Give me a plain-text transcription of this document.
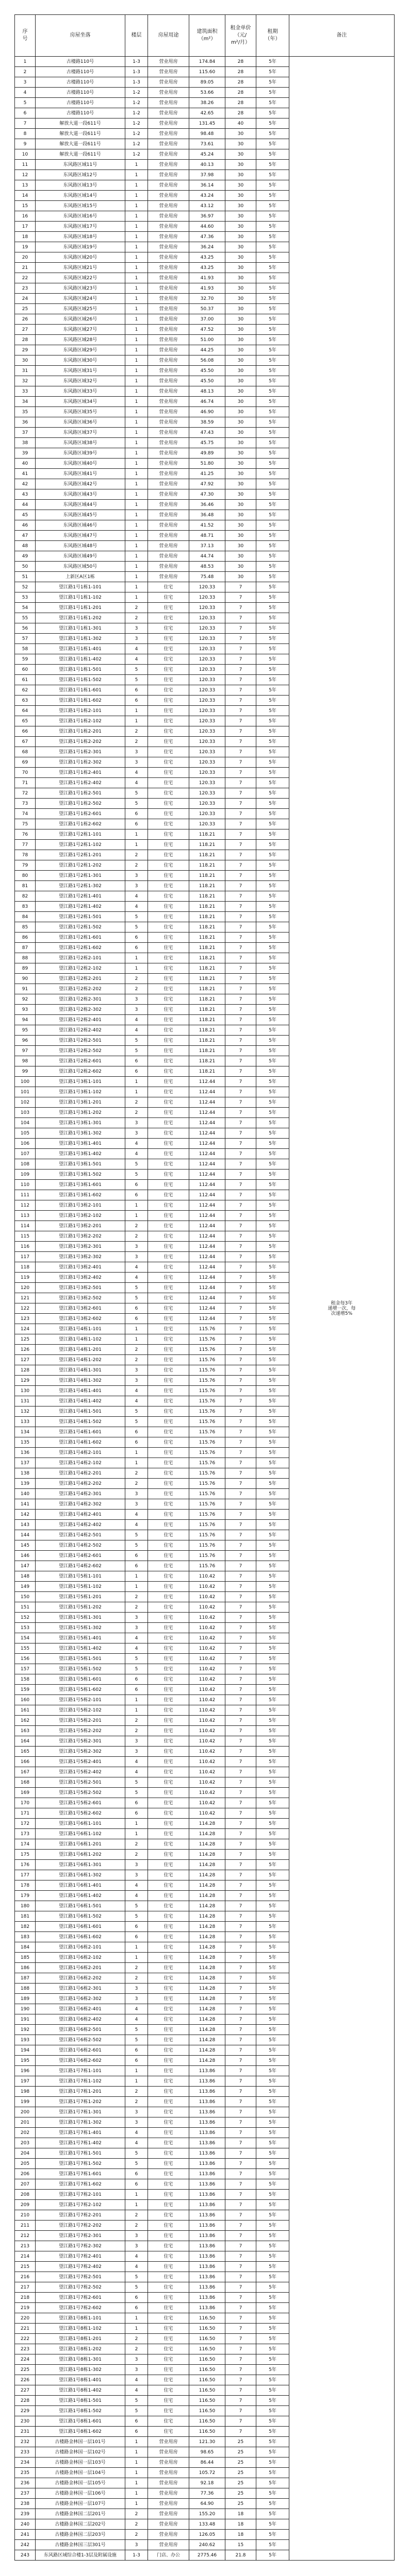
序
号	房屋坐落	楼层	房屋用途	建筑面积
（m²）	租金单价
（元/
m²/月）	租期
（年）	备注
1	古楼路110号	1-3	营业用房	174.84	28	5年	租金每3年
递增一次，每
次递增5%
2	古楼路110号	1-3	营业用房	115.60	28	5年	
3	古楼路110号	1-3	营业用房	89.05	28	5年	
4	古楼路110号	1-2	营业用房	53.66	28	5年	
5	古楼路110号	1-2	营业用房	38.26	28	5年	
6	古楼路110号	1-2	营业用房	42.65	28	5年	
7	解放大道一段611号	1-2	营业用房	131.45	40	5年	
8	解放大道一段611号	1-2	营业用房	98.48	30	5年	
9	解放大道一段611号	1-2	营业用房	73.61	30	5年	
10	解放大道一段611号	1-2	营业用房	45.24	30	5年	
11	东风路区域11号	1	营业用房	40.13	30	5年	
12	东风路区域12号	1	营业用房	37.98	30	5年	
13	东风路区域13号	1	营业用房	36.14	30	5年	
14	东风路区域14号	1	营业用房	43.24	30	5年	
15	东风路区域15号	1	营业用房	43.12	30	5年	
16	东风路区域16号	1	营业用房	36.97	30	5年	
17	东风路区域17号	1	营业用房	44.60	30	5年	
18	东风路区域18号	1	营业用房	47.36	30	5年	
19	东风路区域19号	1	营业用房	36.24	30	5年	
20	东风路区域20号	1	营业用房	43.25	30	5年	
21	东风路区域21号	1	营业用房	43.25	30	5年	
22	东风路区域22号	1	营业用房	41.93	30	5年	
23	东风路区域23号	1	营业用房	41.93	30	5年	
24	东风路区域24号	1	营业用房	32.70	30	5年	
25	东风路区域25号	1	营业用房	50.37	30	5年	
26	东风路区域26号	1	营业用房	37.00	30	5年	
27	东风路区域27号	1	营业用房	47.52	30	5年	
28	东风路区域28号	1	营业用房	51.00	30	5年	
29	东风路区域29号	1	营业用房	44.25	30	5年	
30	东风路区域30号	1	营业用房	56.08	30	5年	
31	东风路区域31号	1	营业用房	45.50	30	5年	
32	东风路区域32号	1	营业用房	45.50	30	5年	
33	东风路区域33号	1	营业用房	48.13	30	5年	
34	东风路区域34号	1	营业用房	46.74	30	5年	
35	东风路区域35号	1	营业用房	46.90	30	5年	
36	东风路区域36号	1	营业用房	38.59	30	5年	
37	东风路区域37号	1	营业用房	47.43	30	5年	
38	东风路区域38号	1	营业用房	45.75	30	5年	
39	东风路区域39号	1	营业用房	49.89	30	5年	
40	东风路区域40号	1	营业用房	51.80	30	5年	
41	东风路区域41号	1	营业用房	41.25	30	5年	
42	东风路区域42号	1	营业用房	47.92	30	5年	
43	东风路区域43号	1	营业用房	47.30	30	5年	
44	东风路区域44号	1	营业用房	36.46	30	5年	
45	东风路区域45号	1	营业用房	36.48	30	5年	
46	东风路区域46号	1	营业用房	41.52	30	5年	
47	东风路区域47号	1	营业用房	48.71	30	5年	
48	东风路区域48号	1	营业用房	37.13	30	5年	
49	东风路区域49号	1	营业用房	44.74	30	5年	
50	东风路区域50号	1	营业用房	48.53	30	5年	
51	上新区A区1栋	1	营业用房	75.48	30	5年	
52	望江路1号1栋1-101	1	住宅	120.33	7	5年	
53	望江路1号1栋1-102	1	住宅	120.33	7	5年	
54	望江路1号1栋1-201	2	住宅	120.33	7	5年	
55	望江路1号1栋1-202	2	住宅	120.33	7	5年	
56	望江路1号1栋1-301	3	住宅	120.33	7	5年	
57	望江路1号1栋1-302	3	住宅	120.33	7	5年	
58	望江路1号1栋1-401	4	住宅	120.33	7	5年	
59	望江路1号1栋1-402	4	住宅	120.33	7	5年	
60	望江路1号1栋1-501	5	住宅	120.33	7	5年	
61	望江路1号1栋1-502	5	住宅	120.33	7	5年	
62	望江路1号1栋1-601	6	住宅	120.33	7	5年	
63	望江路1号1栋1-602	6	住宅	120.33	7	5年	
64	望江路1号1栋2-101	1	住宅	120.33	7	5年	
65	望江路1号1栋2-102	1	住宅	120.33	7	5年	
66	望江路1号1栋2-201	2	住宅	120.33	7	5年	
67	望江路1号1栋2-202	2	住宅	120.33	7	5年	
68	望江路1号1栋2-301	3	住宅	120.33	7	5年	
69	望江路1号1栋2-302	3	住宅	120.33	7	5年	
70	望江路1号1栋2-401	4	住宅	120.33	7	5年	
71	望江路1号1栋2-402	4	住宅	120.33	7	5年	
72	望江路1号1栋2-501	5	住宅	120.33	7	5年	
73	望江路1号1栋2-502	5	住宅	120.33	7	5年	
74	望江路1号1栋2-601	6	住宅	120.33	7	5年	
75	望江路1号1栋2-602	6	住宅	120.33	7	5年	
76	望江路1号2栋1-101	1	住宅	118.21	7	5年	
77	望江路1号2栋1-102	1	住宅	118.21	7	5年	
78	望江路1号2栋1-201	2	住宅	118.21	7	5年	
79	望江路1号2栋1-202	2	住宅	118.21	7	5年	
80	望江路1号2栋1-301	3	住宅	118.21	7	5年	
81	望江路1号2栋1-302	3	住宅	118.21	7	5年	
82	望江路1号2栋1-401	4	住宅	118.21	7	5年	
83	望江路1号2栋1-402	4	住宅	118.21	7	5年	
84	望江路1号2栋1-501	5	住宅	118.21	7	5年	
85	望江路1号2栋1-502	5	住宅	118.21	7	5年	
86	望江路1号2栋1-601	6	住宅	118.21	7	5年	
87	望江路1号2栋1-602	6	住宅	118.21	7	5年	
88	望江路1号2栋2-101	1	住宅	118.21	7	5年	
89	望江路1号2栋2-102	1	住宅	118.21	7	5年	
90	望江路1号2栋2-201	2	住宅	118.21	7	5年	
91	望江路1号2栋2-202	2	住宅	118.21	7	5年	
92	望江路1号2栋2-301	3	住宅	118.21	7	5年	
93	望江路1号2栋2-302	3	住宅	118.21	7	5年	
94	望江路1号2栋2-401	4	住宅	118.21	7	5年	
95	望江路1号2栋2-402	4	住宅	118.21	7	5年	
96	望江路1号2栋2-501	5	住宅	118.21	7	5年	
97	望江路1号2栋2-502	5	住宅	118.21	7	5年	
98	望江路1号2栋2-601	6	住宅	118.21	7	5年	
99	望江路1号2栋2-602	6	住宅	118.21	7	5年	
100	望江路1号3栋1-101	1	住宅	112.44	7	5年	
101	望江路1号3栋1-102	1	住宅	112.44	7	5年	
102	望江路1号3栋1-201	2	住宅	112.44	7	5年	
103	望江路1号3栋1-202	2	住宅	112.44	7	5年	
104	望江路1号3栋1-301	3	住宅	112.44	7	5年	
105	望江路1号3栋1-302	3	住宅	112.44	7	5年	
106	望江路1号3栋1-401	4	住宅	112.44	7	5年	
107	望江路1号3栋1-402	4	住宅	112.44	7	5年	
108	望江路1号3栋1-501	5	住宅	112.44	7	5年	
109	望江路1号3栋1-502	5	住宅	112.44	7	5年	
110	望江路1号3栋1-601	6	住宅	112.44	7	5年	
111	望江路1号3栋1-602	6	住宅	112.44	7	5年	
112	望江路1号3栋2-101	1	住宅	112.44	7	5年	
113	望江路1号3栋2-102	1	住宅	112.44	7	5年	
114	望江路1号3栋2-201	2	住宅	112.44	7	5年	
115	望江路1号3栋2-202	2	住宅	112.44	7	5年	
116	望江路1号3栋2-301	3	住宅	112.44	7	5年	
117	望江路1号3栋2-302	3	住宅	112.44	7	5年	
118	望江路1号3栋2-401	4	住宅	112.44	7	5年	
119	望江路1号3栋2-402	4	住宅	112.44	7	5年	
120	望江路1号3栋2-501	5	住宅	112.44	7	5年	
121	望江路1号3栋2-502	5	住宅	112.44	7	5年	
122	望江路1号3栋2-601	6	住宅	112.44	7	5年	
123	望江路1号3栋2-602	6	住宅	112.44	7	5年	
124	望江路1号4栋1-101	1	住宅	115.76	7	5年	
125	望江路1号4栋1-102	1	住宅	115.76	7	5年	
126	望江路1号4栋1-201	2	住宅	115.76	7	5年	
127	望江路1号4栋1-202	2	住宅	115.76	7	5年	
128	望江路1号4栋1-301	3	住宅	115.76	7	5年	
129	望江路1号4栋1-302	3	住宅	115.76	7	5年	
130	望江路1号4栋1-401	4	住宅	115.76	7	5年	
131	望江路1号4栋1-402	4	住宅	115.76	7	5年	
132	望江路1号4栋1-501	5	住宅	115.76	7	5年	
133	望江路1号4栋1-502	5	住宅	115.76	7	5年	
134	望江路1号4栋1-601	6	住宅	115.76	7	5年	
135	望江路1号4栋1-602	6	住宅	115.76	7	5年	
136	望江路1号4栋2-101	1	住宅	115.76	7	5年	
137	望江路1号4栋2-102	1	住宅	115.76	7	5年	
138	望江路1号4栋2-201	2	住宅	115.76	7	5年	
139	望江路1号4栋2-202	2	住宅	115.76	7	5年	
140	望江路1号4栋2-301	3	住宅	115.76	7	5年	
141	望江路1号4栋2-302	3	住宅	115.76	7	5年	
142	望江路1号4栋2-401	4	住宅	115.76	7	5年	
143	望江路1号4栋2-402	4	住宅	115.76	7	5年	
144	望江路1号4栋2-501	5	住宅	115.76	7	5年	
145	望江路1号4栋2-502	5	住宅	115.76	7	5年	
146	望江路1号4栋2-601	6	住宅	115.76	7	5年	
147	望江路1号4栋2-602	6	住宅	115.76	7	5年	
148	望江路1号5栋1-101	1	住宅	110.42	7	5年	
149	望江路1号5栋1-102	1	住宅	110.42	7	5年	
150	望江路1号5栋1-201	2	住宅	110.42	7	5年	
151	望江路1号5栋1-202	2	住宅	110.42	7	5年	
152	望江路1号5栋1-301	3	住宅	110.42	7	5年	
153	望江路1号5栋1-302	3	住宅	110.42	7	5年	
154	望江路1号5栋1-401	4	住宅	110.42	7	5年	
155	望江路1号5栋1-402	4	住宅	110.42	7	5年	
156	望江路1号5栋1-501	5	住宅	110.42	7	5年	
157	望江路1号5栋1-502	5	住宅	110.42	7	5年	
158	望江路1号5栋1-601	6	住宅	110.42	7	5年	
159	望江路1号5栋1-602	6	住宅	110.42	7	5年	
160	望江路1号5栋2-101	1	住宅	110.42	7	5年	
161	望江路1号5栋2-102	1	住宅	110.42	7	5年	
162	望江路1号5栋2-201	2	住宅	110.42	7	5年	
163	望江路1号5栋2-202	2	住宅	110.42	7	5年	
164	望江路1号5栋2-301	3	住宅	110.42	7	5年	
165	望江路1号5栋2-302	3	住宅	110.42	7	5年	
166	望江路1号5栋2-401	4	住宅	110.42	7	5年	
167	望江路1号5栋2-402	4	住宅	110.42	7	5年	
168	望江路1号5栋2-501	5	住宅	110.42	7	5年	
169	望江路1号5栋2-502	5	住宅	110.42	7	5年	
170	望江路1号5栋2-601	6	住宅	110.42	7	5年	
171	望江路1号5栋2-602	6	住宅	110.42	7	5年	
172	望江路1号6栋1-101	1	住宅	114.28	7	5年	
173	望江路1号6栋1-102	1	住宅	114.28	7	5年	
174	望江路1号6栋1-201	2	住宅	114.28	7	5年	
175	望江路1号6栋1-202	2	住宅	114.28	7	5年	
176	望江路1号6栋1-301	3	住宅	114.28	7	5年	
177	望江路1号6栋1-302	3	住宅	114.28	7	5年	
178	望江路1号6栋1-401	4	住宅	114.28	7	5年	
179	望江路1号6栋1-402	4	住宅	114.28	7	5年	
180	望江路1号6栋1-501	5	住宅	114.28	7	5年	
181	望江路1号6栋1-502	5	住宅	114.28	7	5年	
182	望江路1号6栋1-601	6	住宅	114.28	7	5年	
183	望江路1号6栋1-602	6	住宅	114.28	7	5年	
184	望江路1号6栋2-101	1	住宅	114.28	7	5年	
185	望江路1号6栋2-102	1	住宅	114.28	7	5年	
186	望江路1号6栋2-201	2	住宅	114.28	7	5年	
187	望江路1号6栋2-202	2	住宅	114.28	7	5年	
188	望江路1号6栋2-301	3	住宅	114.28	7	5年	
189	望江路1号6栋2-302	3	住宅	114.28	7	5年	
190	望江路1号6栋2-401	4	住宅	114.28	7	5年	
191	望江路1号6栋2-402	4	住宅	114.28	7	5年	
192	望江路1号6栋2-501	5	住宅	114.28	7	5年	
193	望江路1号6栋2-502	5	住宅	114.28	7	5年	
194	望江路1号6栋2-601	6	住宅	114.28	7	5年	
195	望江路1号6栋2-602	6	住宅	114.28	7	5年	
196	望江路1号7栋1-101	1	住宅	113.86	7	5年	
197	望江路1号7栋1-102	1	住宅	113.86	7	5年	
198	望江路1号7栋1-201	2	住宅	113.86	7	5年	
199	望江路1号7栋1-202	2	住宅	113.86	7	5年	
200	望江路1号7栋1-301	3	住宅	113.86	7	5年	
201	望江路1号7栋1-302	3	住宅	113.86	7	5年	
202	望江路1号7栋1-401	4	住宅	113.86	7	5年	
203	望江路1号7栋1-402	4	住宅	113.86	7	5年	
204	望江路1号7栋1-501	5	住宅	113.86	7	5年	
205	望江路1号7栋1-502	5	住宅	113.86	7	5年	
206	望江路1号7栋1-601	6	住宅	113.86	7	5年	
207	望江路1号7栋1-602	6	住宅	113.86	7	5年	
208	望江路1号7栋2-101	1	住宅	113.86	7	5年	
209	望江路1号7栋2-102	1	住宅	113.86	7	5年	
210	望江路1号7栋2-201	2	住宅	113.86	7	5年	
211	望江路1号7栋2-202	2	住宅	113.86	7	5年	
212	望江路1号7栋2-301	3	住宅	113.86	7	5年	
213	望江路1号7栋2-302	3	住宅	113.86	7	5年	
214	望江路1号7栋2-401	4	住宅	113.86	7	5年	
215	望江路1号7栋2-402	4	住宅	113.86	7	5年	
216	望江路1号7栋2-501	5	住宅	113.86	7	5年	
217	望江路1号7栋2-502	5	住宅	113.86	7	5年	
218	望江路1号7栋2-601	6	住宅	113.86	7	5年	
219	望江路1号7栋2-602	6	住宅	113.86	7	5年	
220	望江路1号8栋1-101	1	住宅	116.50	7	5年	
221	望江路1号8栋1-102	1	住宅	116.50	7	5年	
222	望江路1号8栋1-201	2	住宅	116.50	7	5年	
223	望江路1号8栋1-202	2	住宅	116.50	7	5年	
224	望江路1号8栋1-301	3	住宅	116.50	7	5年	
225	望江路1号8栋1-302	3	住宅	116.50	7	5年	
226	望江路1号8栋1-401	4	住宅	116.50	7	5年	
227	望江路1号8栋1-402	4	住宅	116.50	7	5年	
228	望江路1号8栋1-501	5	住宅	116.50	7	5年	
229	望江路1号8栋1-502	5	住宅	116.50	7	5年	
230	望江路1号8栋1-601	6	住宅	116.50	7	5年	
231	望江路1号8栋1-602	6	住宅	116.50	7	5年	
232	古楼路金林国一层101号	1	营业用房	121.30	25	5年	
233	古楼路金林国一层102号	1	营业用房	98.65	25	5年	
234	古楼路金林国一层103号	1	营业用房	86.44	25	5年	
235	古楼路金林国一层104号	1	营业用房	105.72	25	5年	
236	古楼路金林国一层105号	1	营业用房	92.18	25	5年	
237	古楼路金林国一层106号	1	营业用房	77.36	25	5年	
238	古楼路金林国一层107号	1	营业用房	64.90	25	5年	
239	古楼路金林国二层201号	2	营业用房	155.20	18	5年	
240	古楼路金林国二层202号	2	营业用房	133.48	18	5年	
241	古楼路金林国二层203号	2	营业用房	126.05	18	5年	
242	古楼路金林国三层301号	3	营业用房	240.62	15	5年	
243	东风路区域综合楼1-3层及附属设施	1-3	门店、办公	2775.46	21.8	5年	
